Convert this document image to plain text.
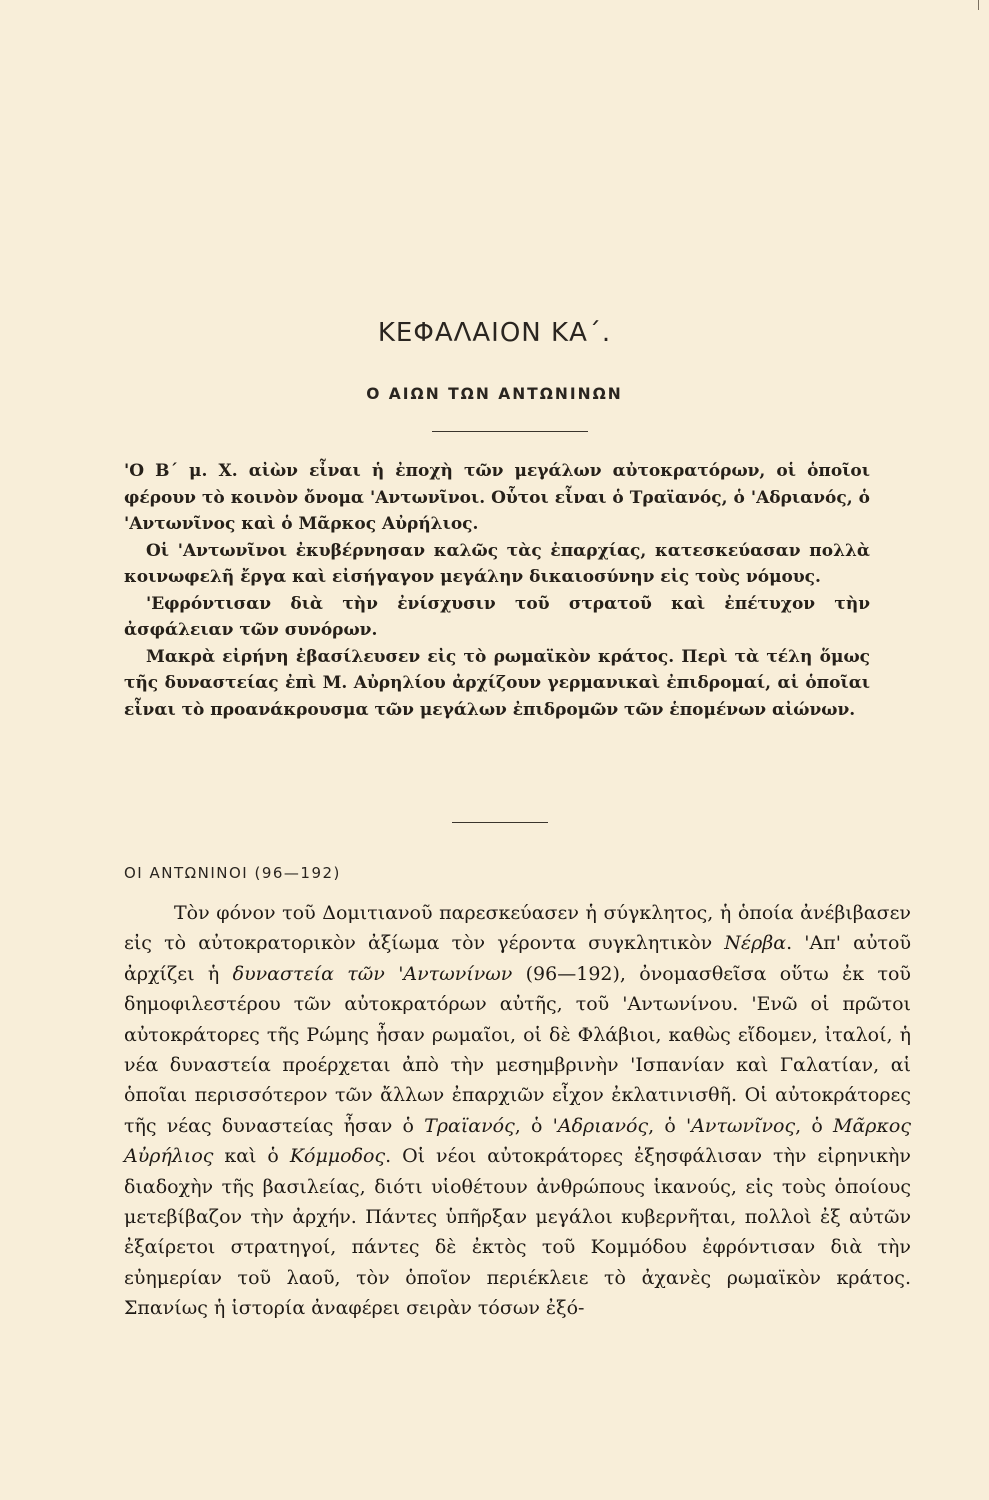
ΚΕΦΑΛΑΙΟΝ ΚΑ΄.
Ο ΑΙΩΝ ΤΩΝ ΑΝΤΩΝΙΝΩΝ

'Ο Β΄ μ. Χ. αἰὼν εἶναι ἡ ἐποχὴ τῶν μεγάλων αὐτοκρατόρων, οἱ ὁποῖοι φέρουν τὸ κοινὸν ὄνομα 'Αντωνῖνοι. Οὗτοι εἶναι ὁ Τραϊανός, ὁ 'Αδριανός, ὁ 'Αντωνῖνος καὶ ὁ Μᾶρκος Αὐρήλιος.

Οἱ 'Αντωνῖνοι ἐκυβέρνησαν καλῶς τὰς ἐπαρχίας, κατεσκεύασαν πολλὰ κοινωφελῆ ἔργα καὶ εἰσήγαγον μεγάλην δικαιοσύνην εἰς τοὺς νόμους.

'Εφρόντισαν διὰ τὴν ἐνίσχυσιν τοῦ στρατοῦ καὶ ἐπέτυχον τὴν ἀσφάλειαν τῶν συνόρων.

Μακρὰ εἰρήνη ἐβασίλευσεν εἰς τὸ ρωμαϊκὸν κράτος. Περὶ τὰ τέλη ὅμως τῆς δυναστείας ἐπὶ Μ. Αὐρηλίου ἀρχίζουν γερμανικαὶ ἐπιδρομαί, αἱ ὁποῖαι εἶναι τὸ προανάκρουσμα τῶν μεγάλων ἐπιδρομῶν τῶν ἑπομένων αἰώνων.

ΟΙ ΑΝΤΩΝΙΝΟΙ (96—192)

Τὸν φόνον τοῦ Δομιτιανοῦ παρεσκεύασεν ἡ σύγκλητος, ἡ ὁποία ἀνέβιβασεν εἰς τὸ αὐτοκρατορικὸν ἀξίωμα τὸν γέροντα συγκλητικὸν Νέρβα. 'Απ' αὐτοῦ ἀρχίζει ἡ δυναστεία τῶν 'Αντωνίνων (96—192), ὀνομασθεῖσα οὕτω ἐκ τοῦ δημοφιλεστέρου τῶν αὐτοκρατόρων αὐτῆς, τοῦ 'Αντωνίνου. 'Ενῶ οἱ πρῶτοι αὐτοκράτορες τῆς Ρώμης ἦσαν ρωμαῖοι, οἱ δὲ Φλάβιοι, καθὼς εἴδομεν, ἰταλοί, ἡ νέα δυναστεία προέρχεται ἀπὸ τὴν μεσημβρινὴν 'Ισπανίαν καὶ Γαλατίαν, αἱ ὁποῖαι περισσότερον τῶν ἄλλων ἐπαρχιῶν εἶχον ἐκλατινισθῆ. Οἱ αὐτοκράτορες τῆς νέας δυναστείας ἦσαν ὁ Τραϊανός, ὁ 'Αδριανός, ὁ 'Αντωνῖνος, ὁ Μᾶρκος Αὐρήλιος καὶ ὁ Κόμμοδος. Οἱ νέοι αὐτοκράτορες ἐξησφάλισαν τὴν εἰρηνικὴν διαδοχὴν τῆς βασιλείας, διότι υἱοθέτουν ἀνθρώπους ἱκανούς, εἰς τοὺς ὁποίους μετεβίβαζον τὴν ἀρχήν. Πάντες ὑπῆρξαν μεγάλοι κυβερνῆται, πολλοὶ ἐξ αὐτῶν ἐξαίρετοι στρατηγοί, πάντες δὲ ἐκτὸς τοῦ Κομμόδου ἐφρόντισαν διὰ τὴν εὐημερίαν τοῦ λαοῦ, τὸν ὁποῖον περιέκλειε τὸ ἀχανὲς ρωμαϊκὸν κράτος. Σπανίως ἡ ἱστορία ἀναφέρει σειρὰν τόσων ἐξό-
